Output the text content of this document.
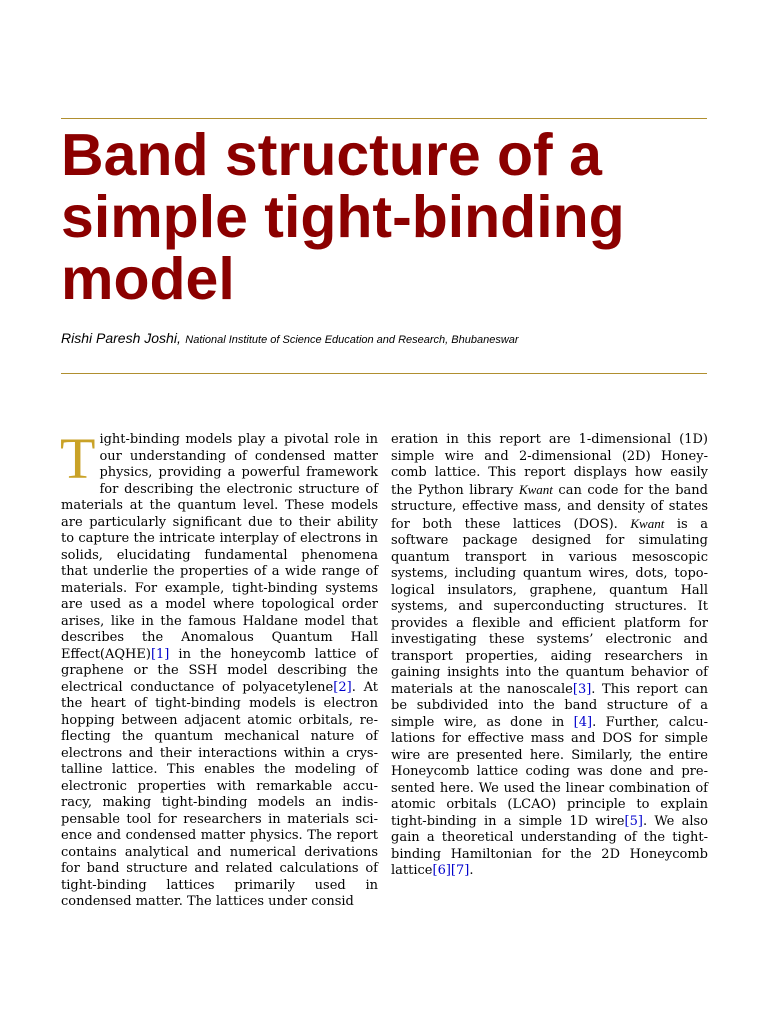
Band structure of a simple tight-binding model
Rishi Paresh Joshi, National Institute of Science Education and Research, Bhubaneswar

Tight-binding models play a pivotal role in our understanding of condensed matter physics, providing a powerful framework for describing the electronic structure of materials at the quantum level. These models are particularly significant due to their ability to capture the intricate interplay of electrons in solids, elucidating fundamental phenomena that underlie the properties of a wide range of materials. For example, tight-binding systems are used as a model where topological order arises, like in the famous Haldane model that describes the Anomalous Quantum Hall Effect(AQHE)[1] in the honeycomb lattice of graphene or the SSH model describing the electrical conductance of polyacetylene[2]. At the heart of tight-binding models is electron hopping between adjacent atomic orbitals, reflecting the quantum mechanical nature of electrons and their interactions within a crystalline lattice. This enables the modeling of electronic properties with remarkable accuracy, making tight-binding models an indispensable tool for researchers in materials science and condensed matter physics. The report contains analytical and numerical derivations for band structure and related calculations of tight-binding lattices primarily used in condensed matter. The lattices under consid

eration in this report are 1-dimensional (1D) simple wire and 2-dimensional (2D) Honeycomb lattice. This report displays how easily the Python library Kwant can code for the band structure, effective mass, and density of states for both these lattices (DOS). Kwant is a software package designed for simulating quantum transport in various mesoscopic systems, including quantum wires, dots, topological insulators, graphene, quantum Hall systems, and superconducting structures. It provides a flexible and efficient platform for investigating these systems’ electronic and transport properties, aiding researchers in gaining insights into the quantum behavior of materials at the nanoscale[3]. This report can be subdivided into the band structure of a simple wire, as done in [4]. Further, calculations for effective mass and DOS for simple wire are presented here. Similarly, the entire Honeycomb lattice coding was done and presented here. We used the linear combination of atomic orbitals (LCAO) principle to explain tight-binding in a simple 1D wire[5]. We also gain a theoretical understanding of the tight-binding Hamiltonian for the 2D Honeycomb lattice[6][7].
